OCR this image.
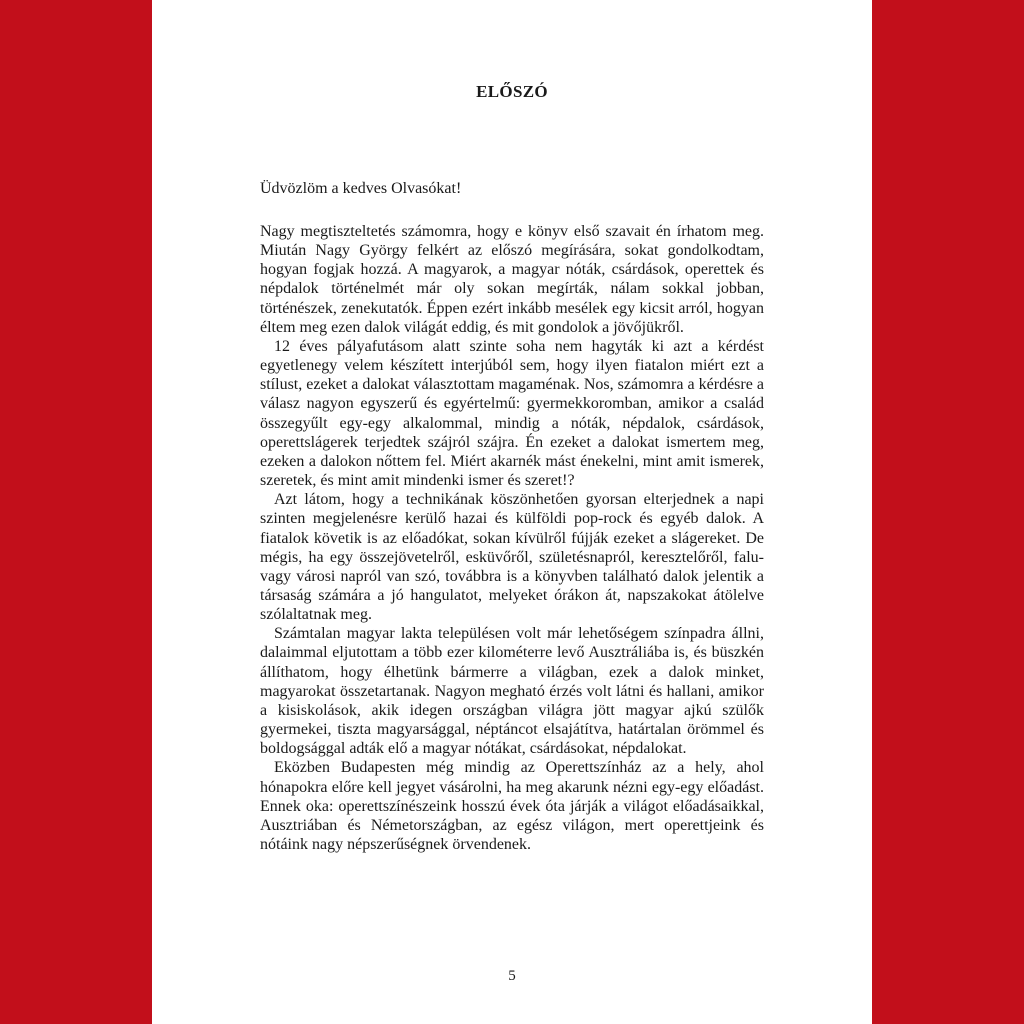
ELŐSZÓ

Üdvözlöm a kedves Olvasókat!

Nagy megtiszteltetés számomra, hogy e könyv első szavait én írhatom meg. Miután Nagy György felkért az előszó megírására, sokat gondolkodtam, hogyan fogjak hozzá. A magyarok, a magyar nóták, csárdások, operettek és népdalok történelmét már oly sokan megírták, nálam sokkal jobban, történészek, zenekutatók. Éppen ezért inkább mesélek egy kicsit arról, hogyan éltem meg ezen dalok világát eddig, és mit gondolok a jövőjükről.

12 éves pályafutásom alatt szinte soha nem hagyták ki azt a kérdést egyetlenegy velem készített interjúból sem, hogy ilyen fiatalon miért ezt a stílust, ezeket a dalokat választottam magaménak. Nos, számomra a kérdésre a válasz nagyon egyszerű és egyértelmű: gyermekkoromban, amikor a család összegyűlt egy-egy alkalommal, mindig a nóták, népdalok, csárdások, operettslágerek terjedtek szájról szájra. Én ezeket a dalokat ismertem meg, ezeken a dalokon nőttem fel. Miért akarnék mást énekelni, mint amit ismerek, szeretek, és mint amit mindenki ismer és szeret!?

Azt látom, hogy a technikának köszönhetően gyorsan elterjednek a napi szinten megjelenésre kerülő hazai és külföldi pop-rock és egyéb dalok. A fiatalok követik is az előadókat, sokan kívülről fújják ezeket a slágereket. De mégis, ha egy összejövetelről, esküvőről, születésnapról, keresztelőről, falu- vagy városi napról van szó, továbbra is a könyvben található dalok jelentik a társaság számára a jó hangulatot, melyeket órákon át, napszakokat átölelve szólaltatnak meg.

Számtalan magyar lakta településen volt már lehetőségem színpadra állni, dalaimmal eljutottam a több ezer kilométerre levő Ausztráliába is, és büszkén állíthatom, hogy élhetünk bármerre a világban, ezek a dalok minket, magyarokat összetartanak. Nagyon megható érzés volt látni és hallani, amikor a kisiskolások, akik idegen országban világra jött magyar ajkú szülők gyermekei, tiszta magyarsággal, néptáncot elsajátítva, határtalan örömmel és boldogsággal adták elő a magyar nótákat, csárdásokat, népdalokat.

Eközben Budapesten még mindig az Operettszínház az a hely, ahol hónapokra előre kell jegyet vásárolni, ha meg akarunk nézni egy-egy előadást. Ennek oka: operettszínészeink hosszú évek óta járják a világot előadásaikkal, Ausztriában és Németországban, az egész világon, mert operettjeink és nótáink nagy népszerűségnek örvendenek.

5
